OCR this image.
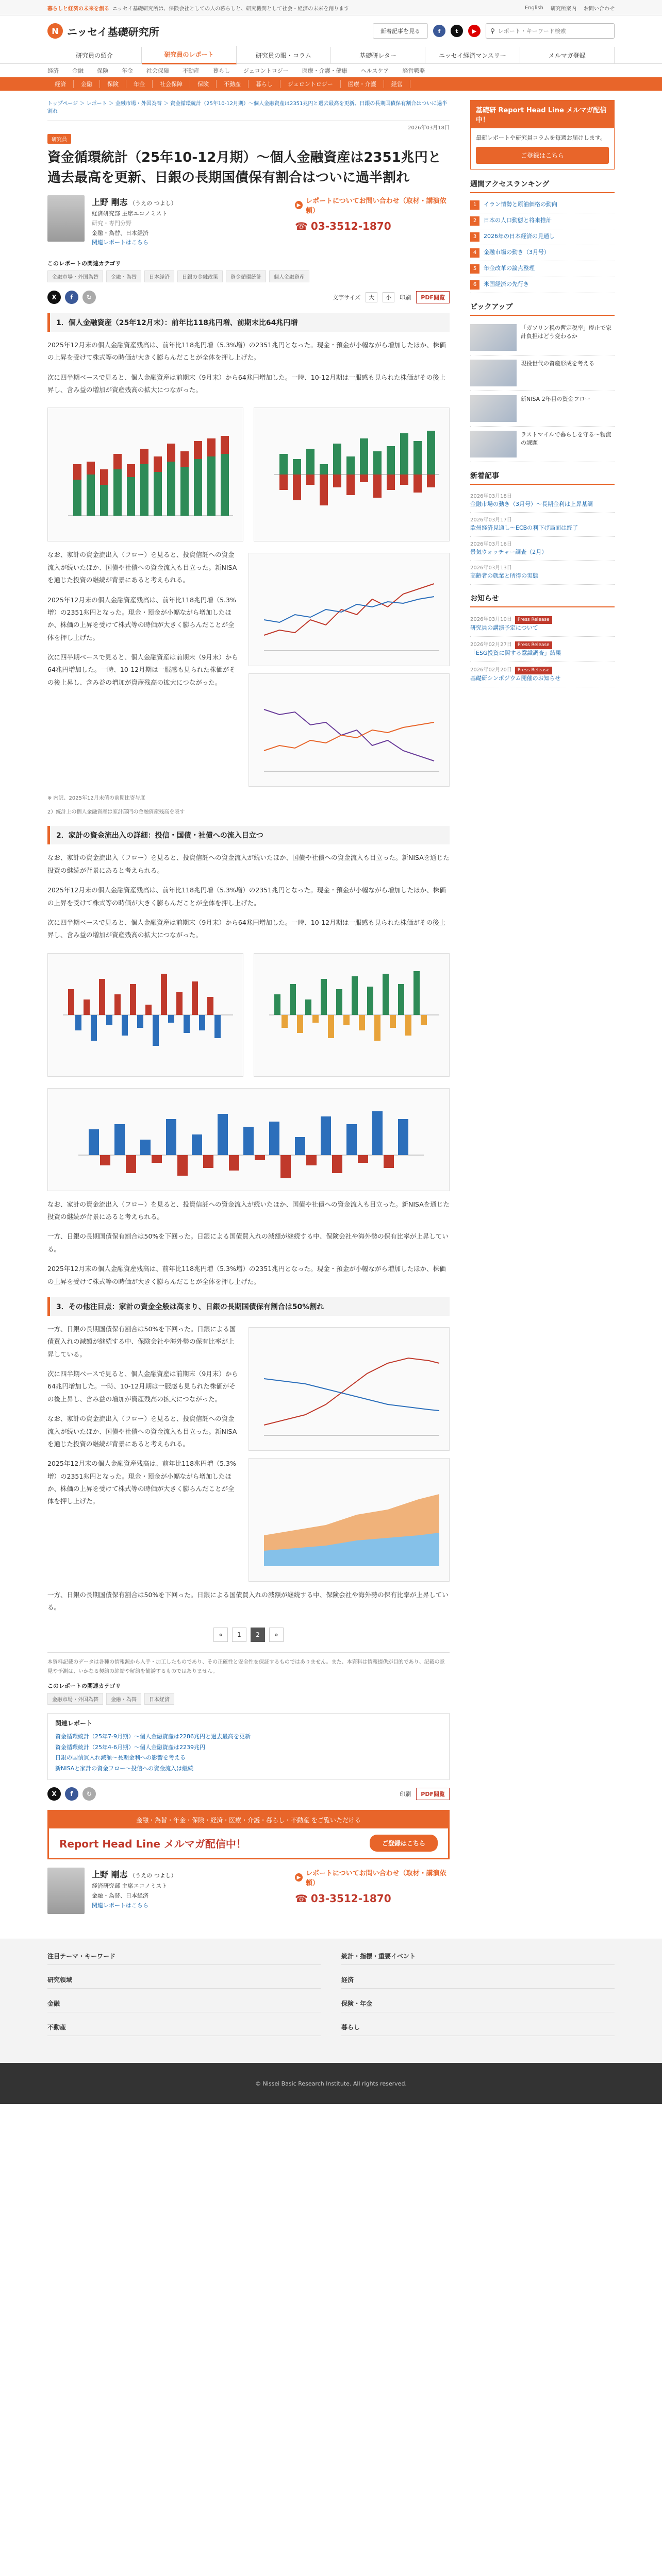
暮らしと経済の未来を創る ニッセイ基礎研究所は、保険会社としての人の暮らしと、研究機関として社会・経済の未来を創ります	English 研究所案内 お問い合わせ
N ニッセイ基礎研究所	新着記事を見る	f	t	▶	⚲
レポート・キーワード検索
研究員の紹介	研究員のレポート	研究員の眼・コラム	基礎研レター	ニッセイ経済マンスリー	メルマガ登録
経済 金融 保険 年金 社会保障 不動産 暮らし ジェロントロジー 医療・介護・健康 ヘルスケア 経営戦略
経済	金融	保険	年金	社会保障	保険	不動産	暮らし	ジェロントロジー	医療・介護	経営
トップページ ＞ レポート ＞ 金融市場・外国為替 ＞ 資金循環統計（25年10-12月期）～個人金融資産は2351兆円と過去最高を更新、日銀の長期国債保有割合はついに過半割れ
2026年03月18日
研究員
資金循環統計（25年10-12月期）～個人金融資産は2351兆円と過去最高を更新、日銀の長期国債保有割合はついに過半割れ
上野 剛志 （うえの つよし）
経済研究部 主席エコノミスト
研究・専門分野
金融・為替、日本経済
関連レポートはこちら
▶ レポートについてお問い合わせ（取材・講演依頼）
☎ 03-3512-1870
このレポートの関連カテゴリ
金融市場・外国為替	金融・為替	日本経済	日銀の金融政策	資金循環統計	個人金融資産
X	f	↻	文字サイズ	大	小	印刷	PDF閲覧
1．個人金融資産（25年12月末）：前年比118兆円増、前期末比64兆円増

2025年12月末の個人金融資産残高は、前年比118兆円増（5.3%増）の2351兆円となった。現金・預金が小幅ながら増加したほか、株価の上昇を受けて株式等の時価が大きく膨らんだことが全体を押し上げた。

次に四半期ベースで見ると、個人金融資産は前期末（9月末）から64兆円増加した。一時、10-12月期は一服感も見られた株価がその後上昇し、含み益の増加が資産残高の拡大につながった。

なお、家計の資金流出入（フロー）を見ると、投資信託への資金流入が続いたほか、国債や社債への資金流入も目立った。新NISAを通じた投資の継続が背景にあると考えられる。

2025年12月末の個人金融資産残高は、前年比118兆円増（5.3%増）の2351兆円となった。現金・預金が小幅ながら増加したほか、株価の上昇を受けて株式等の時価が大きく膨らんだことが全体を押し上げた。

次に四半期ベースで見ると、個人金融資産は前期末（9月末）から64兆円増加した。一時、10-12月期は一服感も見られた株価がその後上昇し、含み益の増加が資産残高の拡大につながった。

※ 内訳、2025年12月末値の前期比寄与度

2）統計上の個人金融資産は家計部門の金融資産残高を表す

2．家計の資金流出入の詳細：投信・国債・社債への流入目立つ

なお、家計の資金流出入（フロー）を見ると、投資信託への資金流入が続いたほか、国債や社債への資金流入も目立った。新NISAを通じた投資の継続が背景にあると考えられる。

2025年12月末の個人金融資産残高は、前年比118兆円増（5.3%増）の2351兆円となった。現金・預金が小幅ながら増加したほか、株価の上昇を受けて株式等の時価が大きく膨らんだことが全体を押し上げた。

次に四半期ベースで見ると、個人金融資産は前期末（9月末）から64兆円増加した。一時、10-12月期は一服感も見られた株価がその後上昇し、含み益の増加が資産残高の拡大につながった。

なお、家計の資金流出入（フロー）を見ると、投資信託への資金流入が続いたほか、国債や社債への資金流入も目立った。新NISAを通じた投資の継続が背景にあると考えられる。

一方、日銀の長期国債保有割合は50%を下回った。日銀による国債買入れの減額が継続する中、保険会社や海外勢の保有比率が上昇している。

2025年12月末の個人金融資産残高は、前年比118兆円増（5.3%増）の2351兆円となった。現金・預金が小幅ながら増加したほか、株価の上昇を受けて株式等の時価が大きく膨らんだことが全体を押し上げた。

3．その他注目点：家計の資金全般は高まり、日銀の長期国債保有割合は50%割れ

一方、日銀の長期国債保有割合は50%を下回った。日銀による国債買入れの減額が継続する中、保険会社や海外勢の保有比率が上昇している。

次に四半期ベースで見ると、個人金融資産は前期末（9月末）から64兆円増加した。一時、10-12月期は一服感も見られた株価がその後上昇し、含み益の増加が資産残高の拡大につながった。

なお、家計の資金流出入（フロー）を見ると、投資信託への資金流入が続いたほか、国債や社債への資金流入も目立った。新NISAを通じた投資の継続が背景にあると考えられる。

2025年12月末の個人金融資産残高は、前年比118兆円増（5.3%増）の2351兆円となった。現金・預金が小幅ながら増加したほか、株価の上昇を受けて株式等の時価が大きく膨らんだことが全体を押し上げた。

一方、日銀の長期国債保有割合は50%を下回った。日銀による国債買入れの減額が継続する中、保険会社や海外勢の保有比率が上昇している。

«	1	2	»
本資料記載のデータは各種の情報源から入手・加工したものであり、その正確性と安全性を保証するものではありません。また、本資料は情報提供が目的であり、記載の意見や予測は、いかなる契約の締結や解約を勧誘するものではありません。
このレポートの関連カテゴリ
金融市場・外国為替	金融・為替	日本経済
関連レポート
資金循環統計（25年7-9月期）～個人金融資産は2286兆円と過去最高を更新
資金循環統計（25年4-6月期）～個人金融資産は2239兆円
日銀の国債買入れ減額～長期金利への影響を考える
新NISAと家計の資金フロー～投信への資金流入は継続
X	f	↻	印刷	PDF閲覧
金融・為替・年金・保険・経済・医療・介護・暮らし・不動産 をご覧いただける
Report Head Line メルマガ配信中！	ご登録はこちら
上野 剛志 （うえの つよし）
経済研究部 主席エコノミスト
金融・為替、日本経済
関連レポートはこちら
▶ レポートについてお問い合わせ（取材・講演依頼）
☎ 03-3512-1870
基礎研 Report Head Line メルマガ配信中！
最新レポートや研究員コラムを毎週お届けします。
ご登録はこちら
週間アクセスランキング
1	イラン情勢と原油価格の動向
2	日本の人口動態と将来推計
3	2026年の日本経済の見通し
4	金融市場の動き（3月号）
5	年金改革の論点整理
6	米国経済の先行き
ピックアップ
「ガソリン税の暫定税率」廃止で家計負担はどう変わるか
現役世代の資産形成を考える
新NISA 2年目の資金フロー
ラストマイルで暮らしを守る～物流の課題
新着記事
2026年03月18日
金融市場の動き（3月号）～長期金利は上昇基調
2026年03月17日
欧州経済見通し～ECBの利下げ局面は終了
2026年03月16日
景気ウォッチャー調査（2月）
2026年03月13日
高齢者の就業と所得の実態
お知らせ
2026年03月10日 Press Release
研究員の講演予定について
2026年02月27日 Press Release
「ESG投資に関する意識調査」結果
2026年02月20日 Press Release
基礎研シンポジウム開催のお知らせ
注目テーマ・キーワード	統計・指標・重要イベント
研究領域	経済
金融	保険・年金
不動産	暮らし
© Nissei Basic Research Institute. All rights reserved.
